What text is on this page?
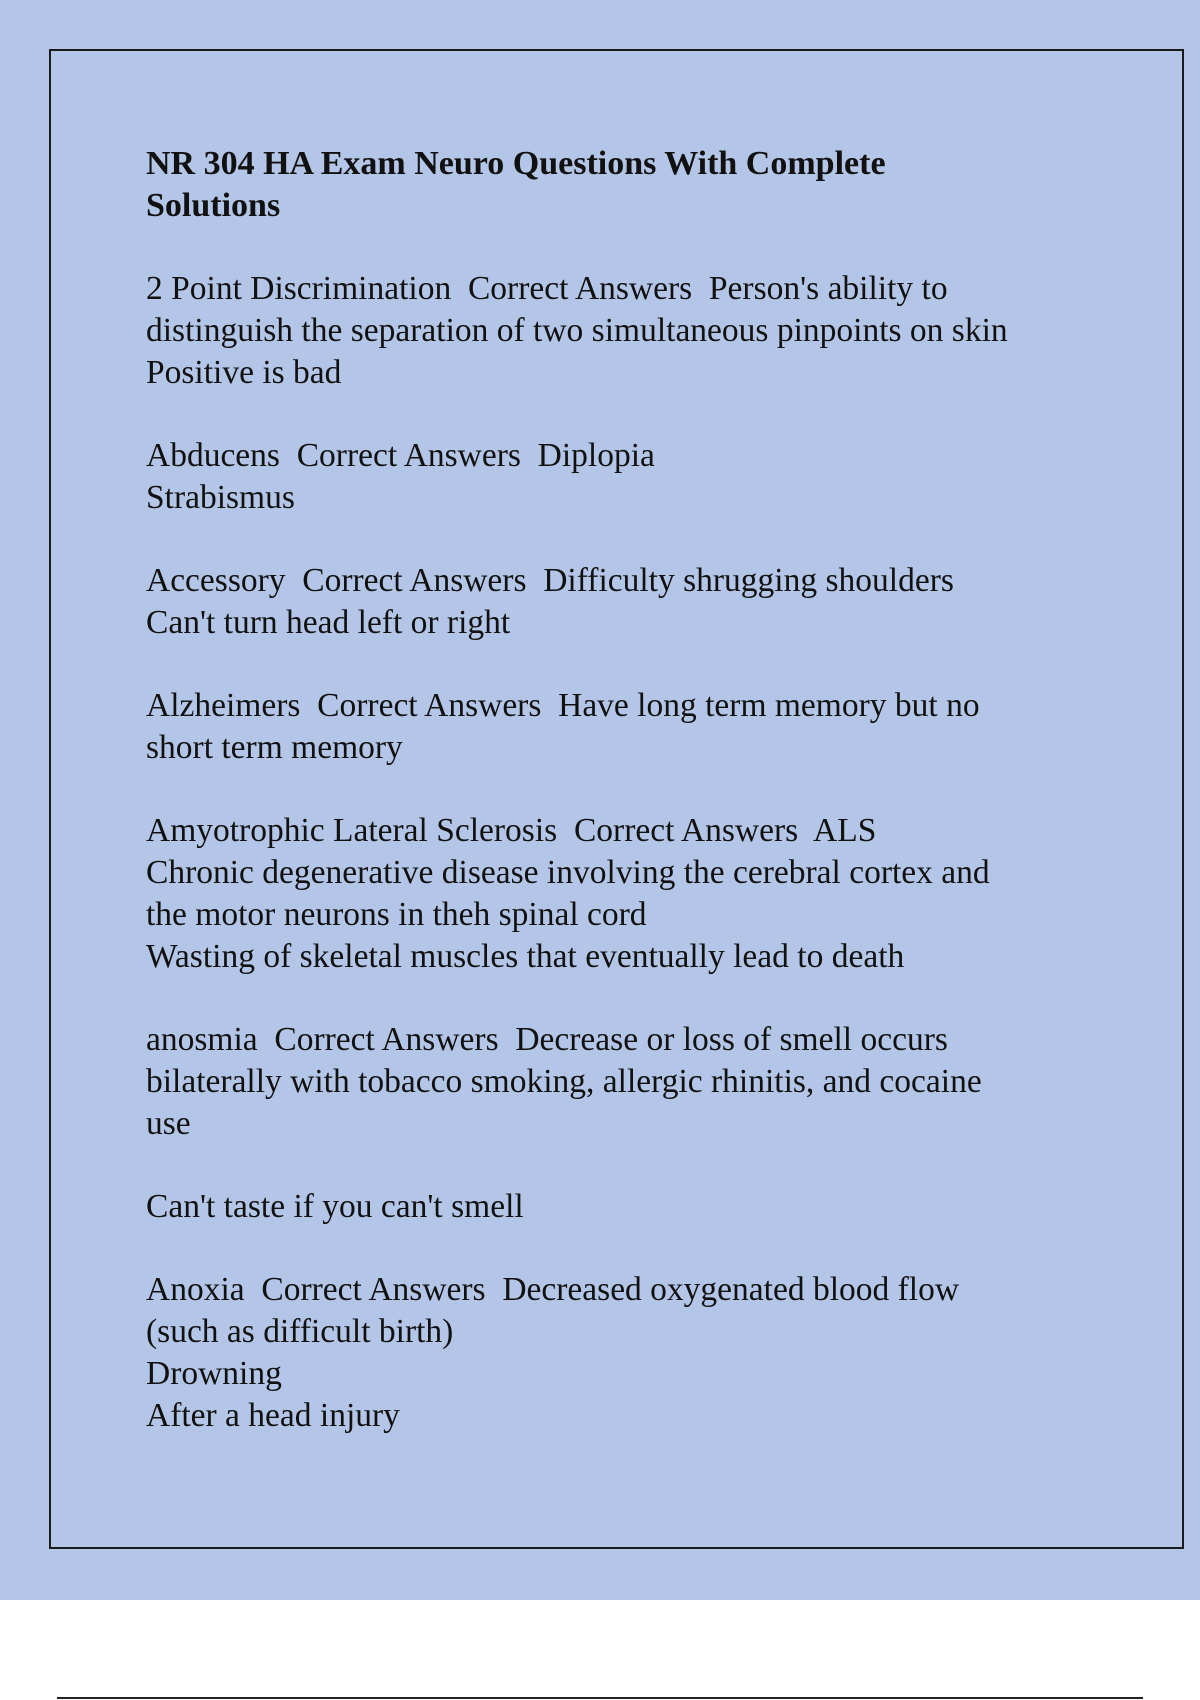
NR 304 HA Exam Neuro Questions With Complete
Solutions
2 Point Discrimination  Correct Answers  Person's ability to
distinguish the separation of two simultaneous pinpoints on skin
Positive is bad
Abducens  Correct Answers  Diplopia
Strabismus
Accessory  Correct Answers  Difficulty shrugging shoulders
Can't turn head left or right
Alzheimers  Correct Answers  Have long term memory but no
short term memory
Amyotrophic Lateral Sclerosis  Correct Answers  ALS
Chronic degenerative disease involving the cerebral cortex and
the motor neurons in theh spinal cord
Wasting of skeletal muscles that eventually lead to death
anosmia  Correct Answers  Decrease or loss of smell occurs
bilaterally with tobacco smoking, allergic rhinitis, and cocaine
use
Can't taste if you can't smell
Anoxia  Correct Answers  Decreased oxygenated blood flow
(such as difficult birth)
Drowning
After a head injury
